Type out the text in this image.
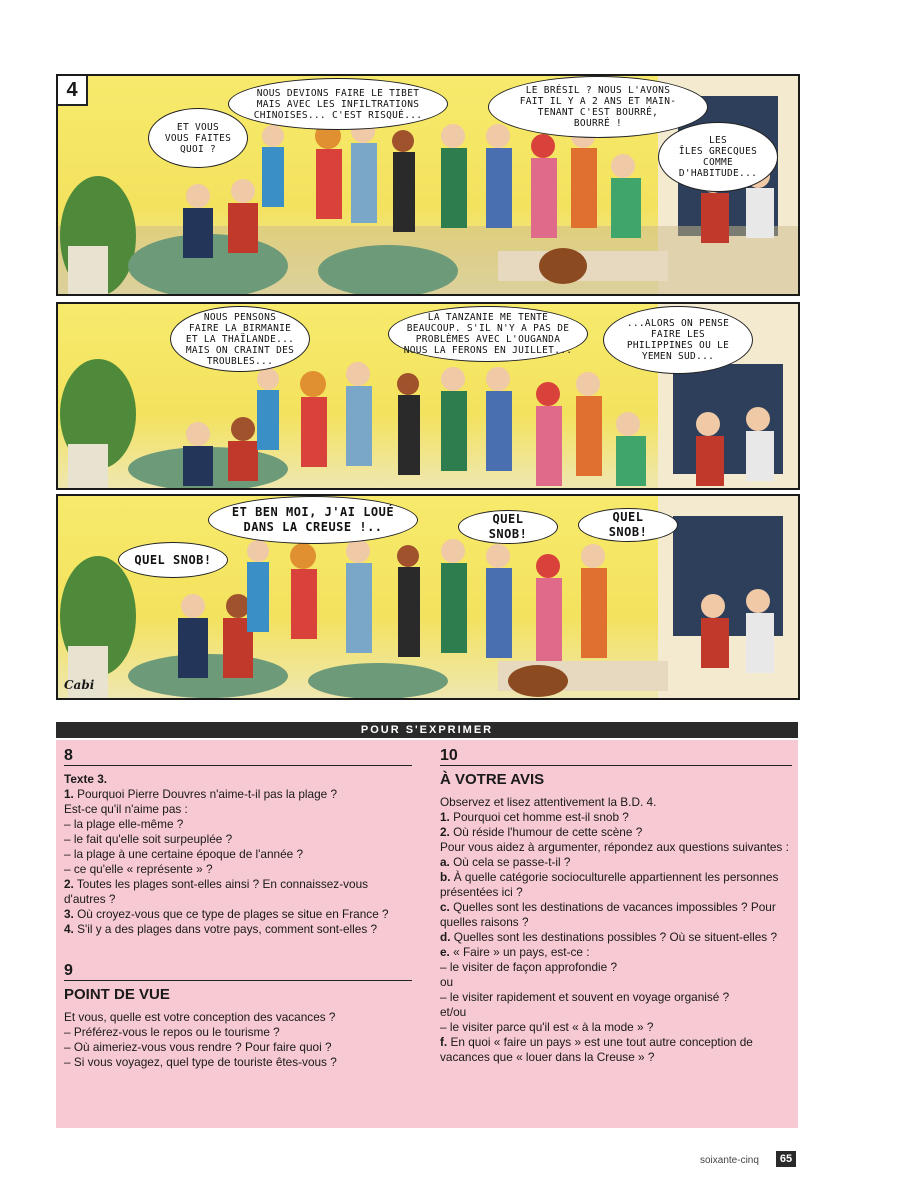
4
ET VOUS
VOUS FAITES
QUOI ?
NOUS DEVIONS FAIRE LE TIBET
MAIS AVEC LES INFILTRATIONS
CHINOISES... C'EST RISQUÉ...
LE BRÉSIL ? NOUS L'AVONS
FAIT IL Y A 2 ANS ET MAIN-
TENANT C'EST BOURRÉ,
BOURRÉ !
LES
ÎLES GRECQUES
COMME
D'HABITUDE...
NOUS PENSONS
FAIRE LA BIRMANIE
ET LA THAÏLANDE...
MAIS ON CRAINT DES
TROUBLES...
LA TANZANIE ME TENTE
BEAUCOUP. S'IL N'Y A PAS DE
PROBLÈMES AVEC L'OUGANDA
NOUS LA FERONS EN JUILLET...
...ALORS ON PENSE
FAIRE LES
PHILIPPINES OU LE
YEMEN SUD...
QUEL SNOB!
ET BEN MOI, J'AI LOUÉ
DANS LA CREUSE !..
QUEL SNOB!
QUEL SNOB!
Cabi
POUR S'EXPRIMER
8
Texte 3.

1. Pourquoi Pierre Douvres n'aime-t-il pas la plage ?

Est-ce qu'il n'aime pas :

– la plage elle-même ?

– le fait qu'elle soit surpeuplée ?

– la plage à une certaine époque de l'année ?

– ce qu'elle « représente » ?

2. Toutes les plages sont-elles ainsi ? En connaissez-vous d'autres ?

3. Où croyez-vous que ce type de plages se situe en France ?

4. S'il y a des plages dans votre pays, comment sont-elles ?

9
POINT DE VUE

Et vous, quelle est votre conception des vacances ?

– Préférez-vous le repos ou le tourisme ?

– Où aimeriez-vous vous rendre ? Pour faire quoi ?

– Si vous voyagez, quel type de touriste êtes-vous ?

10
À VOTRE AVIS

Observez et lisez attentivement la B.D. 4.

1. Pourquoi cet homme est-il snob ?

2. Où réside l'humour de cette scène ?

Pour vous aidez à argumenter, répondez aux questions suivantes :

a. Où cela se passe-t-il ?

b. À quelle catégorie socioculturelle appartiennent les personnes présentées ici ?

c. Quelles sont les destinations de vacances impossibles ? Pour quelles raisons ?

d. Quelles sont les destinations possibles ? Où se situent-elles ?

e. « Faire » un pays, est-ce :

– le visiter de façon approfondie ?

ou

– le visiter rapidement et souvent en voyage organisé ?

et/ou

– le visiter parce qu'il est « à la mode » ?

f. En quoi « faire un pays » est une tout autre conception de vacances que « louer dans la Creuse » ?

soixante-cinq	65
